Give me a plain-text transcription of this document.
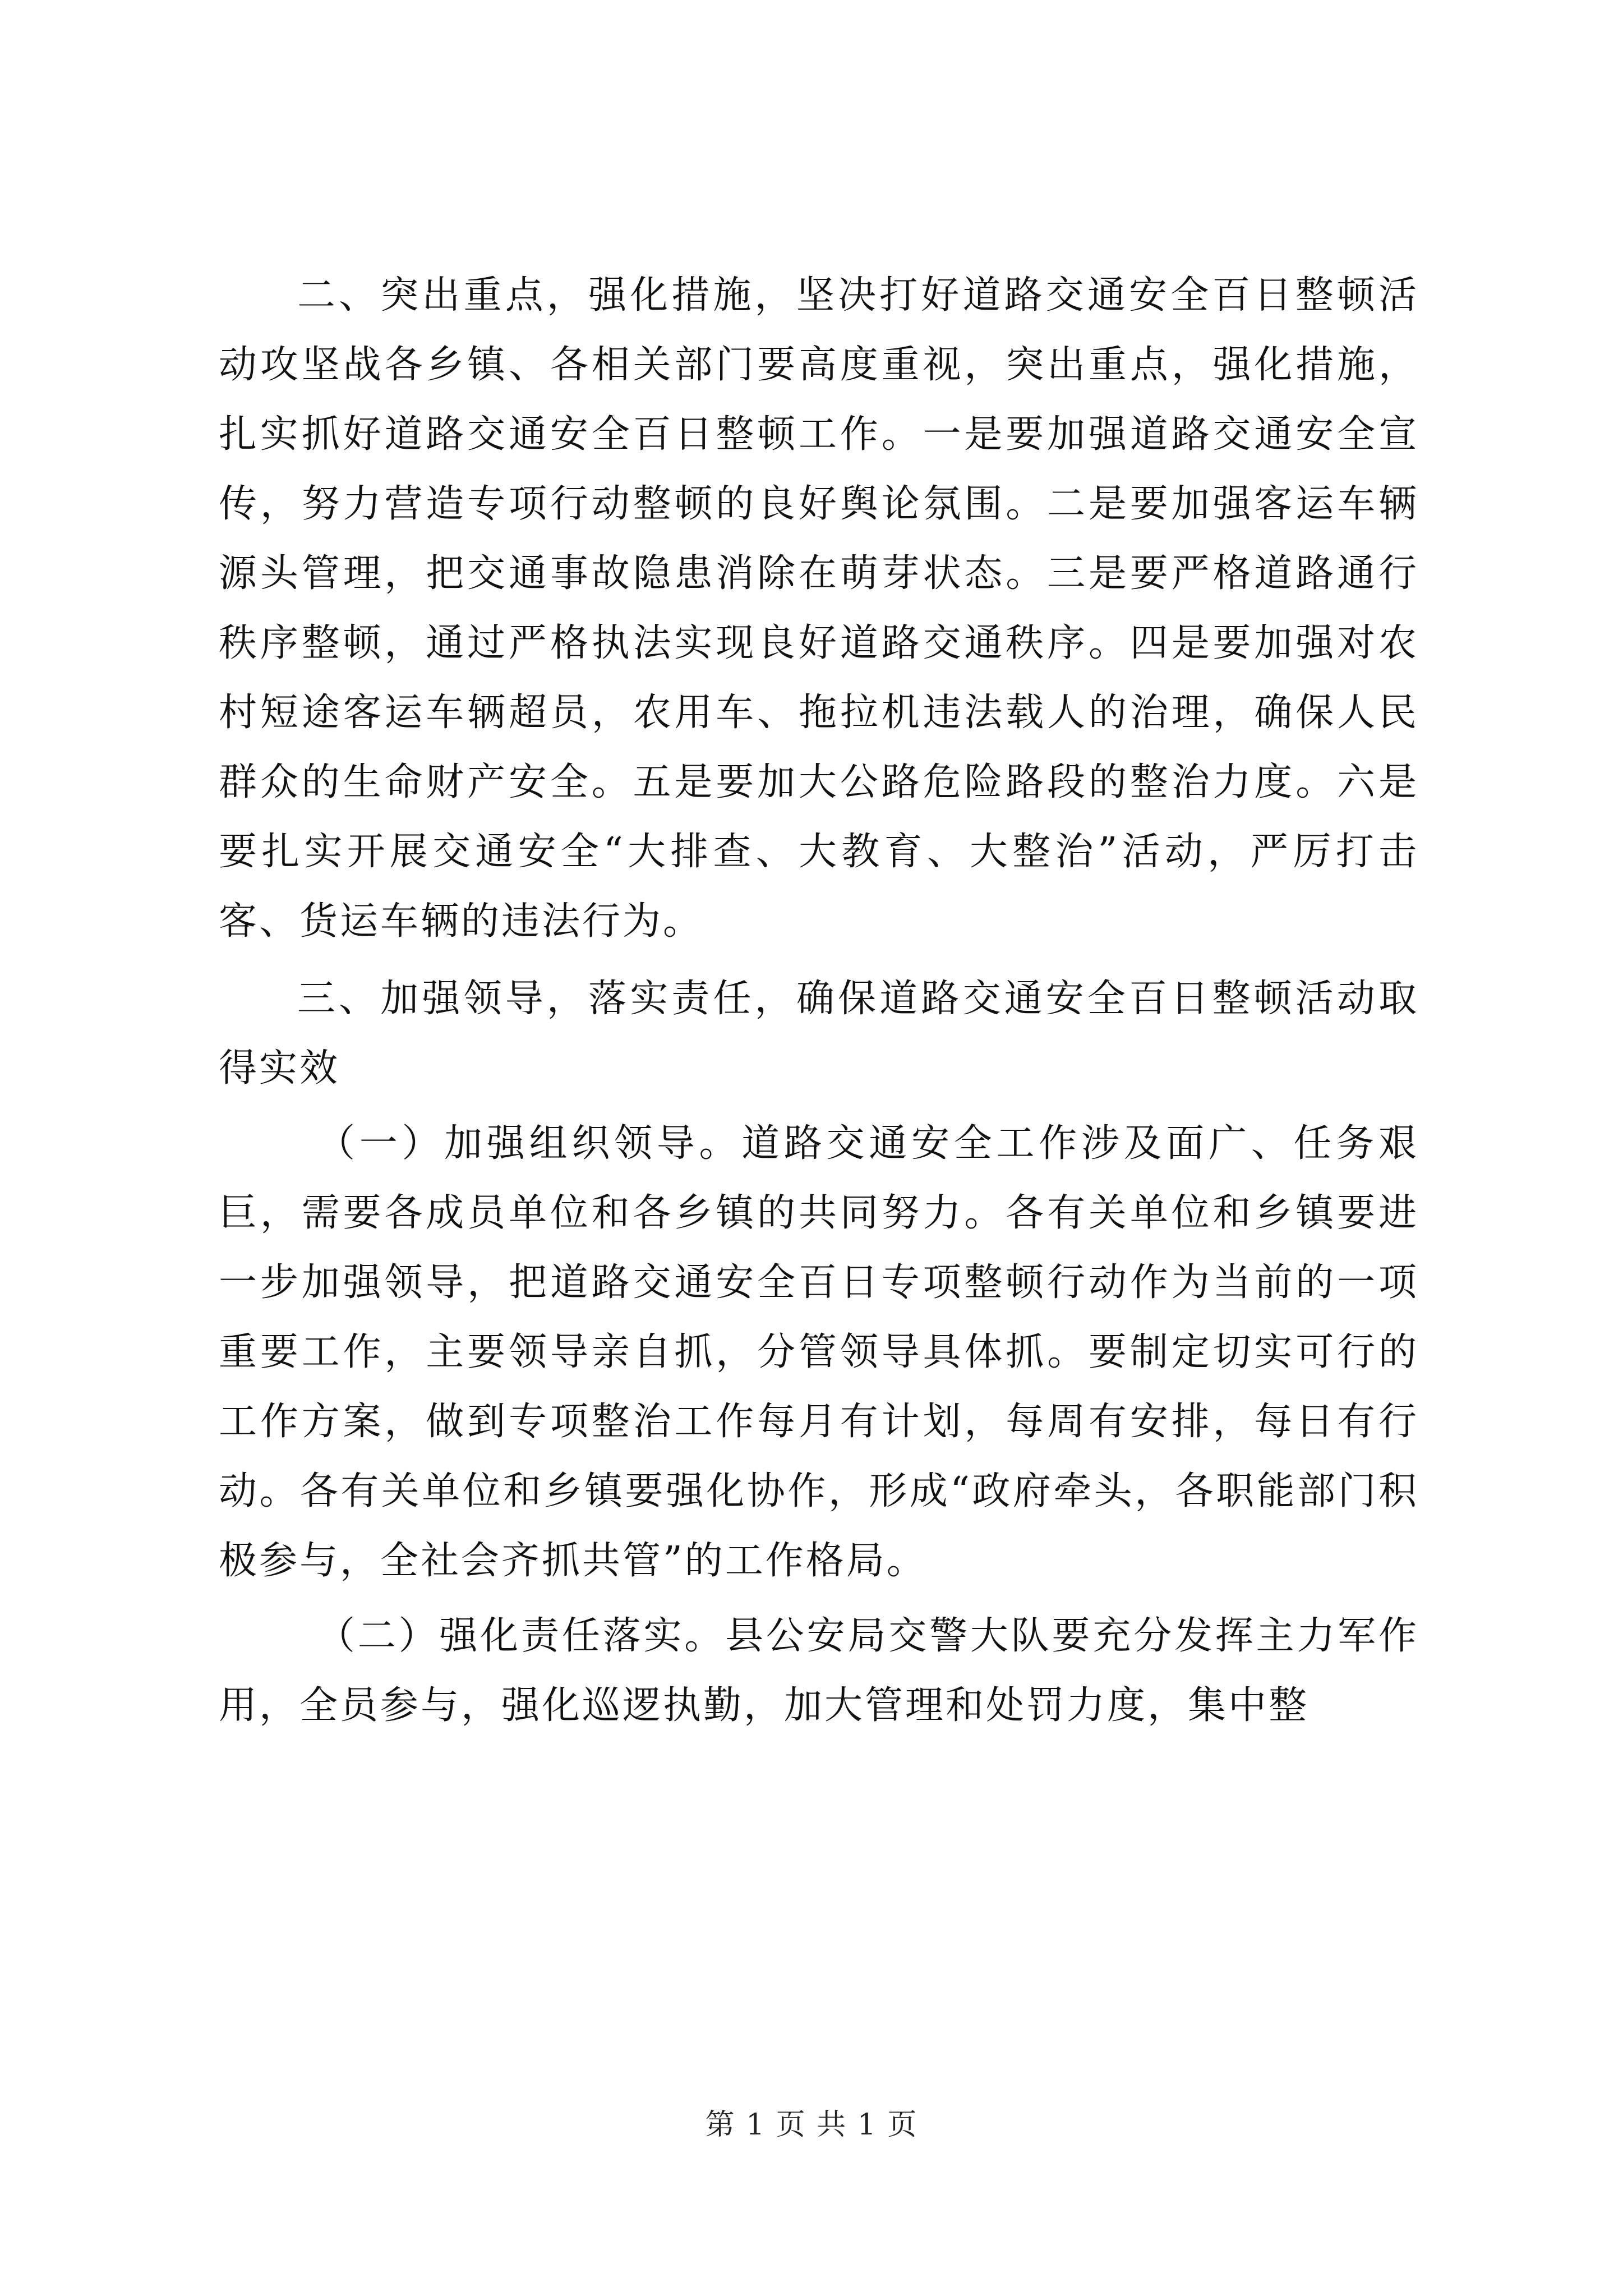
二、突出重点，强化措施，坚决打好道路交通安全百日整顿活动攻坚战各乡镇、各相关部门要高度重视，突出重点，强化措施，扎实抓好道路交通安全百日整顿工作。一是要加强道路交通安全宣传，努力营造专项行动整顿的良好舆论氛围。二是要加强客运车辆源头管理，把交通事故隐患消除在萌芽状态。三是要严格道路通行秩序整顿，通过严格执法实现良好道路交通秩序。四是要加强对农村短途客运车辆超员，农用车、拖拉机违法载人的治理，确保人民群众的生命财产安全。五是要加大公路危险路段的整治力度。六是要扎实开展交通安全“大排查、大教育、大整治”活动，严厉打击客、货运车辆的违法行为。

三、加强领导，落实责任，确保道路交通安全百日整顿活动取得实效

（一）加强组织领导。道路交通安全工作涉及面广、任务艰巨，需要各成员单位和各乡镇的共同努力。各有关单位和乡镇要进一步加强领导，把道路交通安全百日专项整顿行动作为当前的一项重要工作，主要领导亲自抓，分管领导具体抓。要制定切实可行的工作方案，做到专项整治工作每月有计划，每周有安排，每日有行动。各有关单位和乡镇要强化协作，形成“政府牵头，各职能部门积极参与，全社会齐抓共管”的工作格局。

（二）强化责任落实。县公安局交警大队要充分发挥主力军作用，全员参与，强化巡逻执勤，加大管理和处罚力度，集中整

第 1 页 共 1 页
